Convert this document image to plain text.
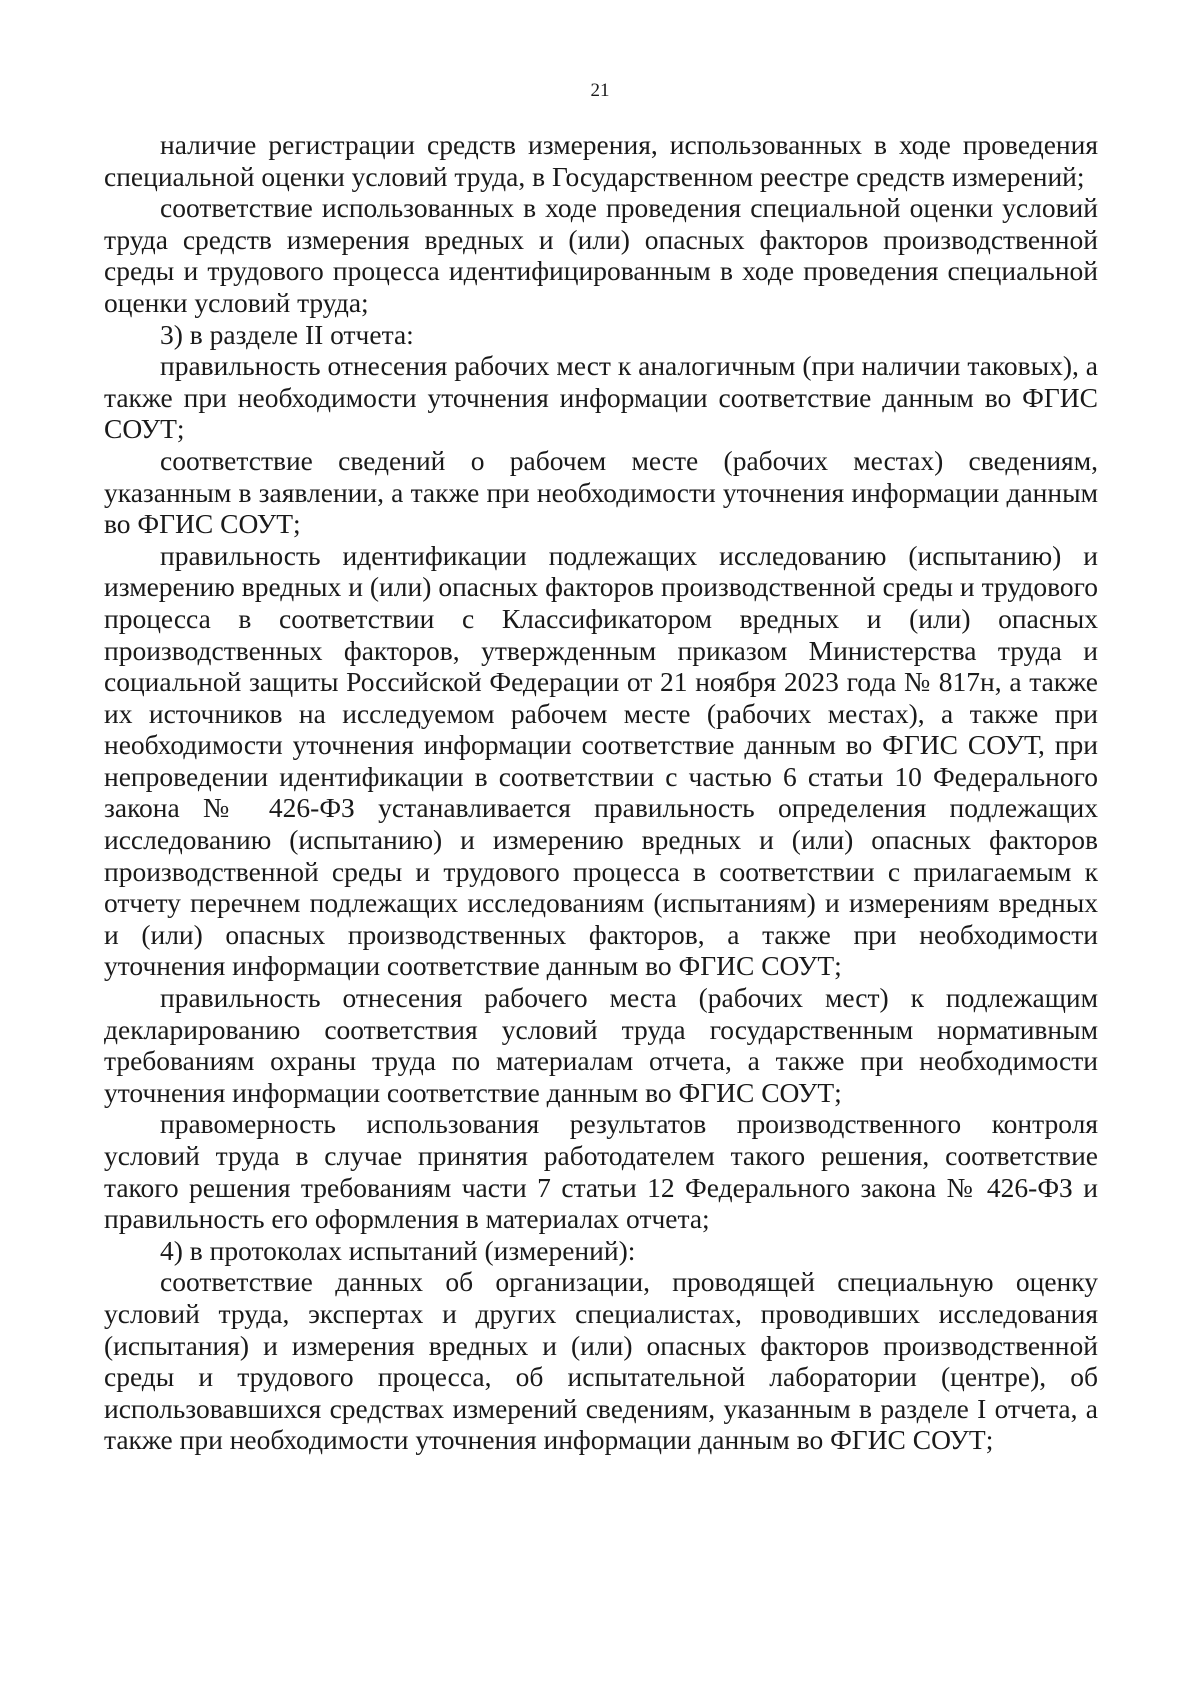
21

наличие регистрации средств измерения, использованных в ходе проведения специальной оценки условий труда, в Государственном реестре средств измерений;

соответствие использованных в ходе проведения специальной оценки условий труда средств измерения вредных и (или) опасных факторов производственной среды и трудового процесса идентифицированным в ходе проведения специальной оценки условий труда;

3) в разделе II отчета:

правильность отнесения рабочих мест к аналогичным (при наличии таковых), а также при необходимости уточнения информации соответствие данным во ФГИС СОУТ;

соответствие сведений о рабочем месте (рабочих местах) сведениям, указанным в заявлении, а также при необходимости уточнения информации данным во ФГИС СОУТ;

правильность идентификации подлежащих исследованию (испытанию) и измерению вредных и (или) опасных факторов производственной среды и трудового процесса в соответствии с Классификатором вредных и (или) опасных производственных факторов, утвержденным приказом Министерства труда и социальной защиты Российской Федерации от 21 ноября 2023 года № 817н, а также их источников на исследуемом рабочем месте (рабочих местах), а также при необходимости уточнения информации соответствие данным во ФГИС СОУТ, при непроведении идентификации в соответствии с частью 6 статьи 10 Федерального закона № 426-ФЗ устанавливается правильность определения подлежащих исследованию (испытанию) и измерению вредных и (или) опасных факторов производственной среды и трудового процесса в соответствии с прилагаемым к отчету перечнем подлежащих исследованиям (испытаниям) и измерениям вредных и (или) опасных производственных факторов, а также при необходимости уточнения информации соответствие данным во ФГИС СОУТ;

правильность отнесения рабочего места (рабочих мест) к подлежащим декларированию соответствия условий труда государственным нормативным требованиям охраны труда по материалам отчета, а также при необходимости уточнения информации соответствие данным во ФГИС СОУТ;

правомерность использования результатов производственного контроля условий труда в случае принятия работодателем такого решения, соответствие такого решения требованиям части 7 статьи 12 Федерального закона № 426-ФЗ и правильность его оформления в материалах отчета;

4) в протоколах испытаний (измерений):

соответствие данных об организации, проводящей специальную оценку условий труда, экспертах и других специалистах, проводивших исследования (испытания) и измерения вредных и (или) опасных факторов производственной среды и трудового процесса, об испытательной лаборатории (центре), об использовавшихся средствах измерений сведениям, указанным в разделе I отчета, а также при необходимости уточнения информации данным во ФГИС СОУТ;
